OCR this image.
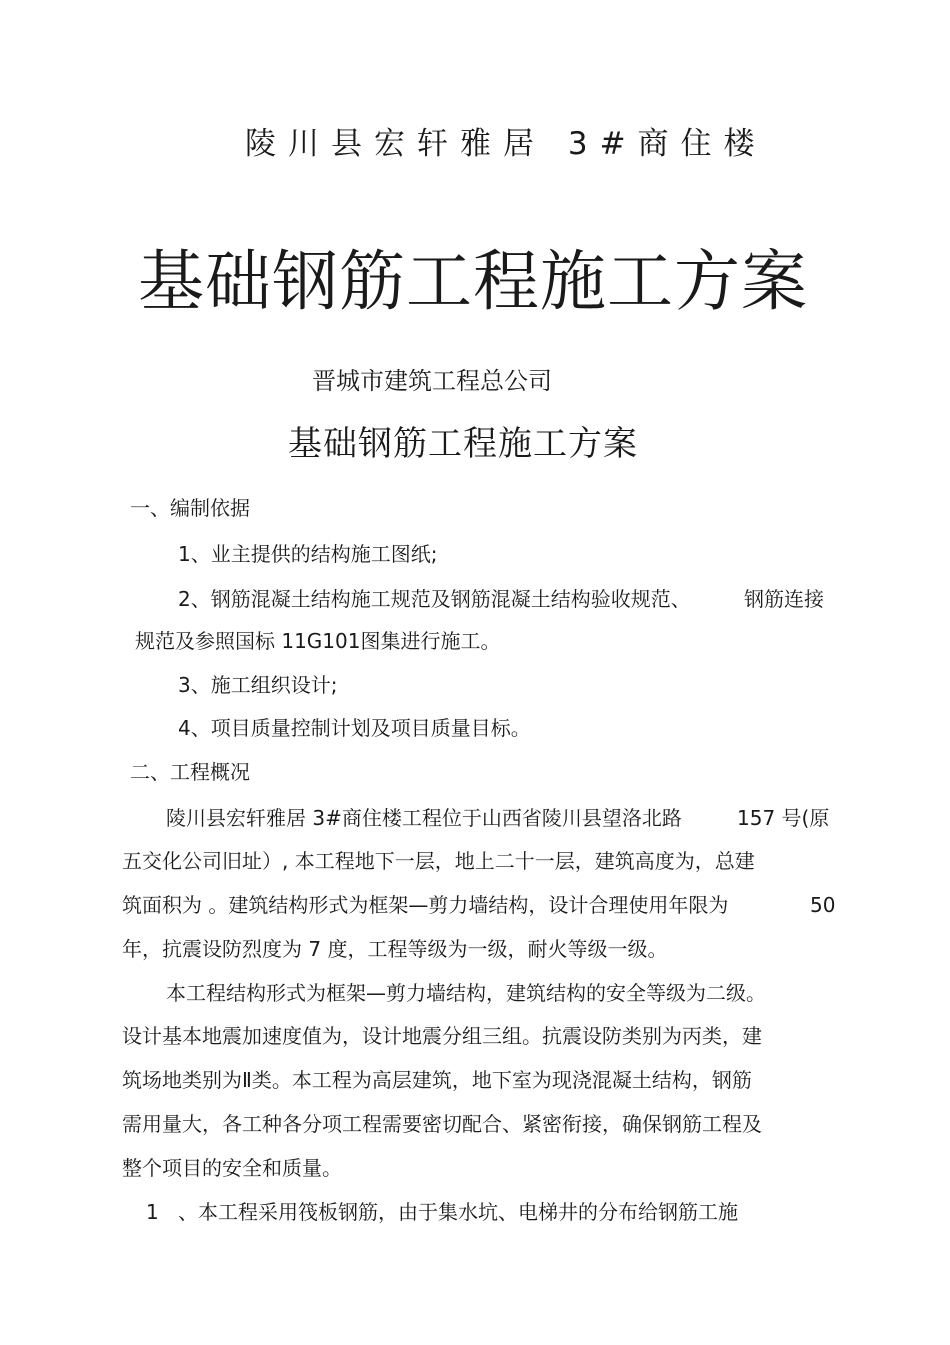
陵川县宏轩雅居 3#商住楼
基础钢筋工程施工方案
晋城市建筑工程总公司
基础钢筋工程施工方案
一、编制依据
1、业主提供的结构施工图纸;
2、钢筋混凝土结构施工规范及钢筋混凝土结构验收规范、	钢筋连接
规范及参照国标 11G101图集进行施工。
3、施工组织设计;
4、项目质量控制计划及项目质量目标。
二、工程概况
陵川县宏轩雅居 3#商住楼工程位于山西省陵川县望洛北路	157 号(原
五交化公司旧址）, 本工程地下一层，地上二十一层，建筑高度为，总建
筑面积为 。建筑结构形式为框架—剪力墙结构，设计合理使用年限为	50
年，抗震设防烈度为 7 度，工程等级为一级，耐火等级一级。
本工程结构形式为框架—剪力墙结构，建筑结构的安全等级为二级。
设计基本地震加速度值为，设计地震分组三组。抗震设防类别为丙类，建
筑场地类别为Ⅱ类。本工程为高层建筑，地下室为现浇混凝土结构，钢筋
需用量大，各工种各分项工程需要密切配合、紧密衔接，确保钢筋工程及
整个项目的安全和质量。
1 、本工程采用筏板钢筋，由于集水坑、电梯井的分布给钢筋工施
